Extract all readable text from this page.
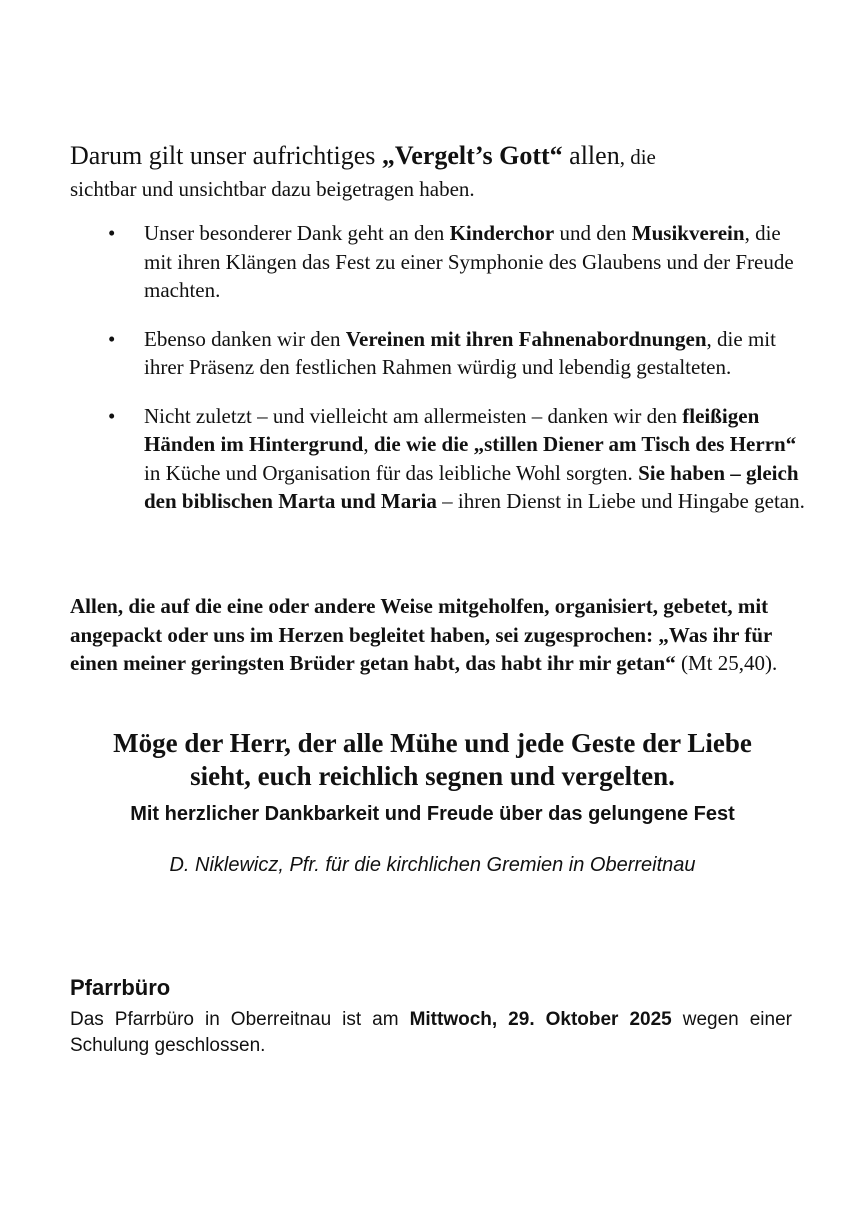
Darum gilt unser aufrichtiges „Vergelt’s Gott“ allen, die

sichtbar und unsichtbar dazu beigetragen haben.

• Unser besonderer Dank geht an den Kinderchor und den Musikverein, die mit ihren Klängen das Fest zu einer Symphonie des Glaubens und der Freude machten.
• Ebenso danken wir den Vereinen mit ihren Fahnenabordnungen, die mit ihrer Präsenz den festlichen Rahmen würdig und lebendig gestalteten.
• Nicht zuletzt – und vielleicht am allermeisten – danken wir den fleißigen Händen im Hintergrund, die wie die „stillen Diener am Tisch des Herrn“ in Küche und Organisation für das leibliche Wohl sorgten. Sie haben – gleich den biblischen Marta und Maria – ihren Dienst in Liebe und Hingabe getan.

Allen, die auf die eine oder andere Weise mitgeholfen, organisiert, gebetet, mit angepackt oder uns im Herzen begleitet haben, sei zugesprochen: „Was ihr für einen meiner geringsten Brüder getan habt, das habt ihr mir getan“ (Mt 25,40).

Möge der Herr, der alle Mühe und jede Geste der Liebe
sieht, euch reichlich segnen und vergelten.

Mit herzlicher Dankbarkeit und Freude über das gelungene Fest

D. Niklewicz, Pfr. für die kirchlichen Gremien in Oberreitnau

Pfarrbüro

Das Pfarrbüro in Oberreitnau ist am Mittwoch, 29. Oktober 2025 wegen einer Schulung geschlossen.
